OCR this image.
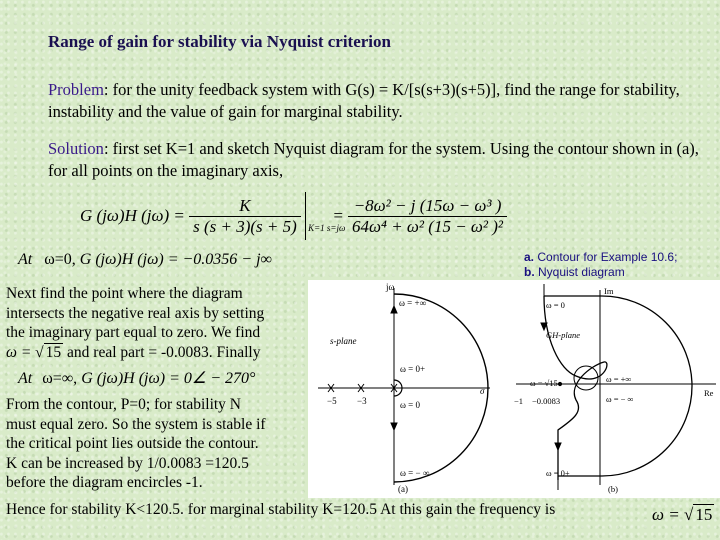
Range of gain for stability via Nyquist criterion
Problem: for the unity feedback system with G(s) = K/[s(s+3)(s+5)], find the range for stability, instability and the value of gain for marginal stability.
Solution: first set K=1 and sketch Nyquist diagram for the system. Using the contour shown in (a), for all points on the imaginary axis,
G (jω)H $(j\omega) = \frac{K}{s (s + 3)(s + 5)}$
K=1 s=jω
= $\frac{\text{−8ω² − j (15ω − ω³ )}}{\text{64ω⁴ + ω² (15 − ω² )²}}$
At ω=0, G (jω)H (jω) = −0.0356 − j∞	a. Contour for Example 10.6;
b. Nyquist diagram
Next find the point where the diagram
intersects the negative real axis by setting
the imaginary part equal to zero. We find
ω = √ 15 and real part = -0.0083. Finally
At ω=∞, G (jω)H (jω) = 0∠ − 270°
From the contour, P=0; for stability N
must equal zero. So the system is stable if
the critical point lies outside the contour.
K can be increased by 1/0.0083 =120.5
before the diagram encircles -1.
jω
ω = +∞
s-plane
ω = 0+
ω = 0
σ
−5 −3
ω = − ∞
(a)
Im
ω = 0
GH-plane
Re
ω = √15	ω = +∞
ω = − ∞
−1 −0.0083
ω = 0+
(b)
Hence for stability K<120.5. for marginal stability K=120.5 At this gain the frequency is	ω = √ 15
